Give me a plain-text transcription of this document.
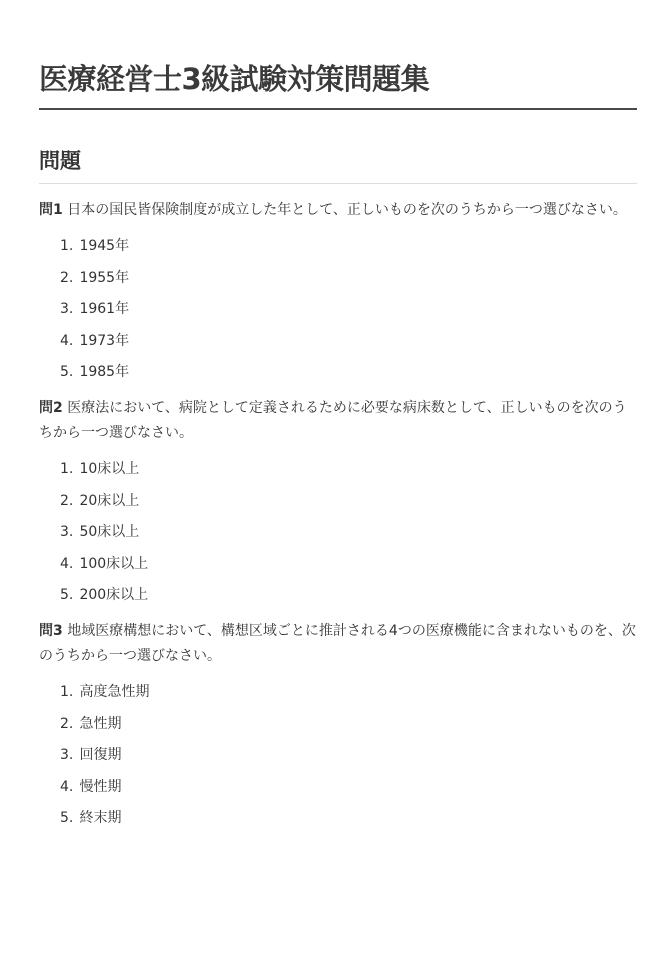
医療経営士3級試験対策問題集
問題

問1 日本の国民皆保険制度が成立した年として、正しいものを次のうちから一つ選びなさい。

1. 1945年
2. 1955年
3. 1961年
4. 1973年
5. 1985年

問2 医療法において、病院として定義されるために必要な病床数として、正しいものを次のうちから一つ選びなさい。

1. 10床以上
2. 20床以上
3. 50床以上
4. 100床以上
5. 200床以上

問3 地域医療構想において、構想区域ごとに推計される4つの医療機能に含まれないものを、次のうちから一つ選びなさい。

1. 高度急性期
2. 急性期
3. 回復期
4. 慢性期
5. 終末期
